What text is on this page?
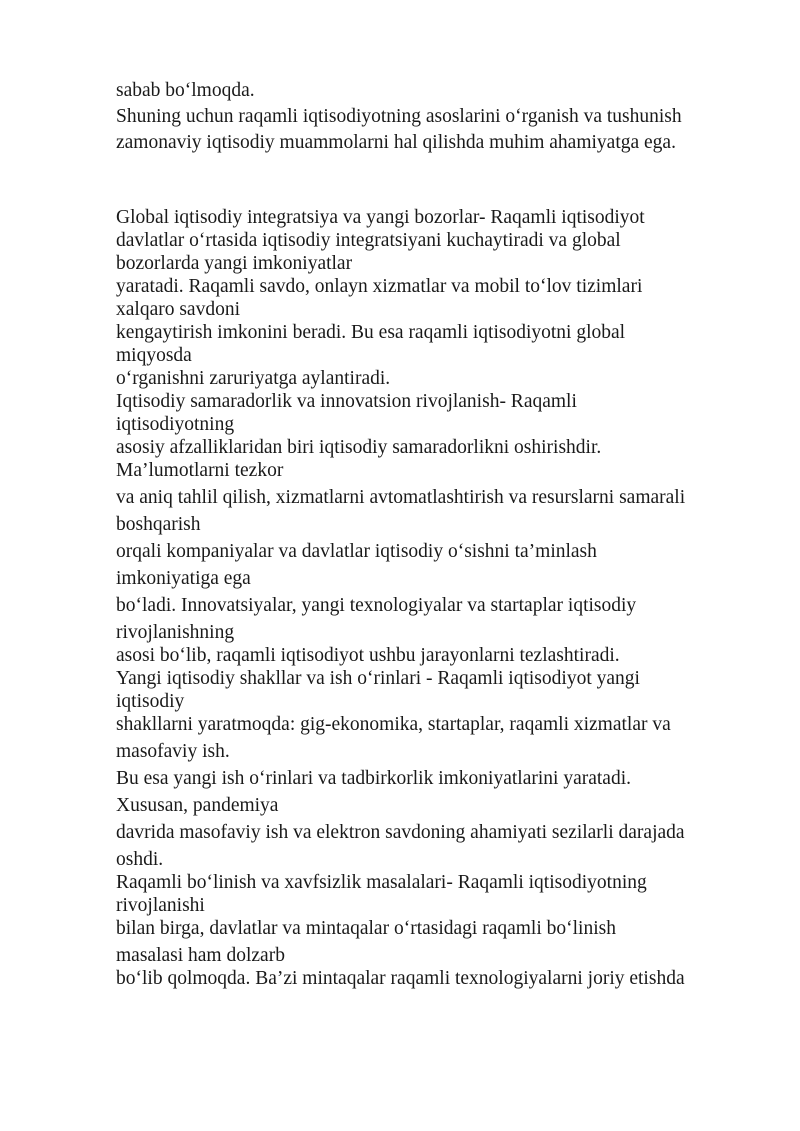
sabab bo‘lmoqda.
Shuning uchun raqamli iqtisodiyotning asoslarini o‘rganish va tushunish
zamonaviy iqtisodiy muammolarni hal qilishda muhim ahamiyatga ega.
Global iqtisodiy integratsiya va yangi bozorlar- Raqamli iqtisodiyot
davlatlar o‘rtasida iqtisodiy integratsiyani kuchaytiradi va global
bozorlarda yangi imkoniyatlar
yaratadi. Raqamli savdo, onlayn xizmatlar va mobil to‘lov tizimlari
xalqaro savdoni
kengaytirish imkonini beradi. Bu esa raqamli iqtisodiyotni global
miqyosda
o‘rganishni zaruriyatga aylantiradi.
Iqtisodiy samaradorlik va innovatsion rivojlanish- Raqamli
iqtisodiyotning
asosiy afzalliklaridan biri iqtisodiy samaradorlikni oshirishdir.
Ma’lumotlarni tezkor
va aniq tahlil qilish, xizmatlarni avtomatlashtirish va resurslarni samarali
boshqarish
orqali kompaniyalar va davlatlar iqtisodiy o‘sishni ta’minlash
imkoniyatiga ega
bo‘ladi. Innovatsiyalar, yangi texnologiyalar va startaplar iqtisodiy
rivojlanishning
asosi bo‘lib, raqamli iqtisodiyot ushbu jarayonlarni tezlashtiradi.
Yangi iqtisodiy shakllar va ish o‘rinlari - Raqamli iqtisodiyot yangi
iqtisodiy
shakllarni yaratmoqda: gig-ekonomika, startaplar, raqamli xizmatlar va
masofaviy ish.
Bu esa yangi ish o‘rinlari va tadbirkorlik imkoniyatlarini yaratadi.
Xususan, pandemiya
davrida masofaviy ish va elektron savdoning ahamiyati sezilarli darajada
oshdi.
Raqamli bo‘linish va xavfsizlik masalalari- Raqamli iqtisodiyotning
rivojlanishi
bilan birga, davlatlar va mintaqalar o‘rtasidagi raqamli bo‘linish
masalasi ham dolzarb
bo‘lib qolmoqda. Ba’zi mintaqalar raqamli texnologiyalarni joriy etishda
